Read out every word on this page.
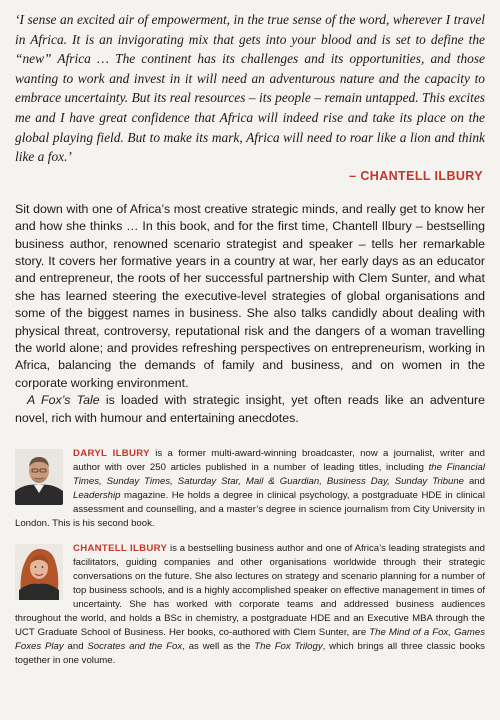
‘I sense an excited air of empowerment, in the true sense of the word, wherever I travel in Africa. It is an invigorating mix that gets into your blood and is set to define the “new” Africa … The continent has its challenges and its opportunities, and those wanting to work and invest in it will need an adventurous nature and the capacity to embrace uncertainty. But its real resources – its people – remain untapped. This excites me and I have great confidence that Africa will indeed rise and take its place on the global playing field. But to make its mark, Africa will need to roar like a lion and think like a fox.’

– CHANTELL ILBURY
Sit down with one of Africa’s most creative strategic minds, and really get to know her and how she thinks … In this book, and for the first time, Chantell Ilbury – bestselling business author, renowned scenario strategist and speaker – tells her remarkable story. It covers her formative years in a country at war, her early days as an educator and entrepreneur, the roots of her successful partnership with Clem Sunter, and what she has learned steering the executive-level strategies of global organisations and some of the biggest names in business. She also talks candidly about dealing with physical threat, controversy, reputational risk and the dangers of a woman travelling the world alone; and provides refreshing perspectives on entrepreneurism, working in Africa, balancing the demands of family and business, and on women in the corporate working environment.
A Fox’s Tale is loaded with strategic insight, yet often reads like an adventure novel, rich with humour and entertaining anecdotes.
DARYL ILBURY is a former multi-award-winning broadcaster, now a journalist, writer and author with over 250 articles published in a number of leading titles, including the Financial Times, Sunday Times, Saturday Star, Mail & Guardian, Business Day, Sunday Tribune and Leadership magazine. He holds a degree in clinical psychology, a postgraduate HDE in clinical assessment and counselling, and a master’s degree in science journalism from City University in London. This is his second book.
CHANTELL ILBURY is a bestselling business author and one of Africa’s leading strategists and facilitators, guiding companies and other organisations worldwide through their strategic conversations on the future. She also lectures on strategy and scenario planning for a number of top business schools, and is a highly accomplished speaker on effective management in times of uncertainty. She has worked with corporate teams and addressed business audiences throughout the world, and holds a BSc in chemistry, a postgraduate HDE and an Executive MBA through the UCT Graduate School of Business. Her books, co-authored with Clem Sunter, are The Mind of a Fox, Games Foxes Play and Socrates and the Fox, as well as the The Fox Trilogy, which brings all three classic books together in one volume.
